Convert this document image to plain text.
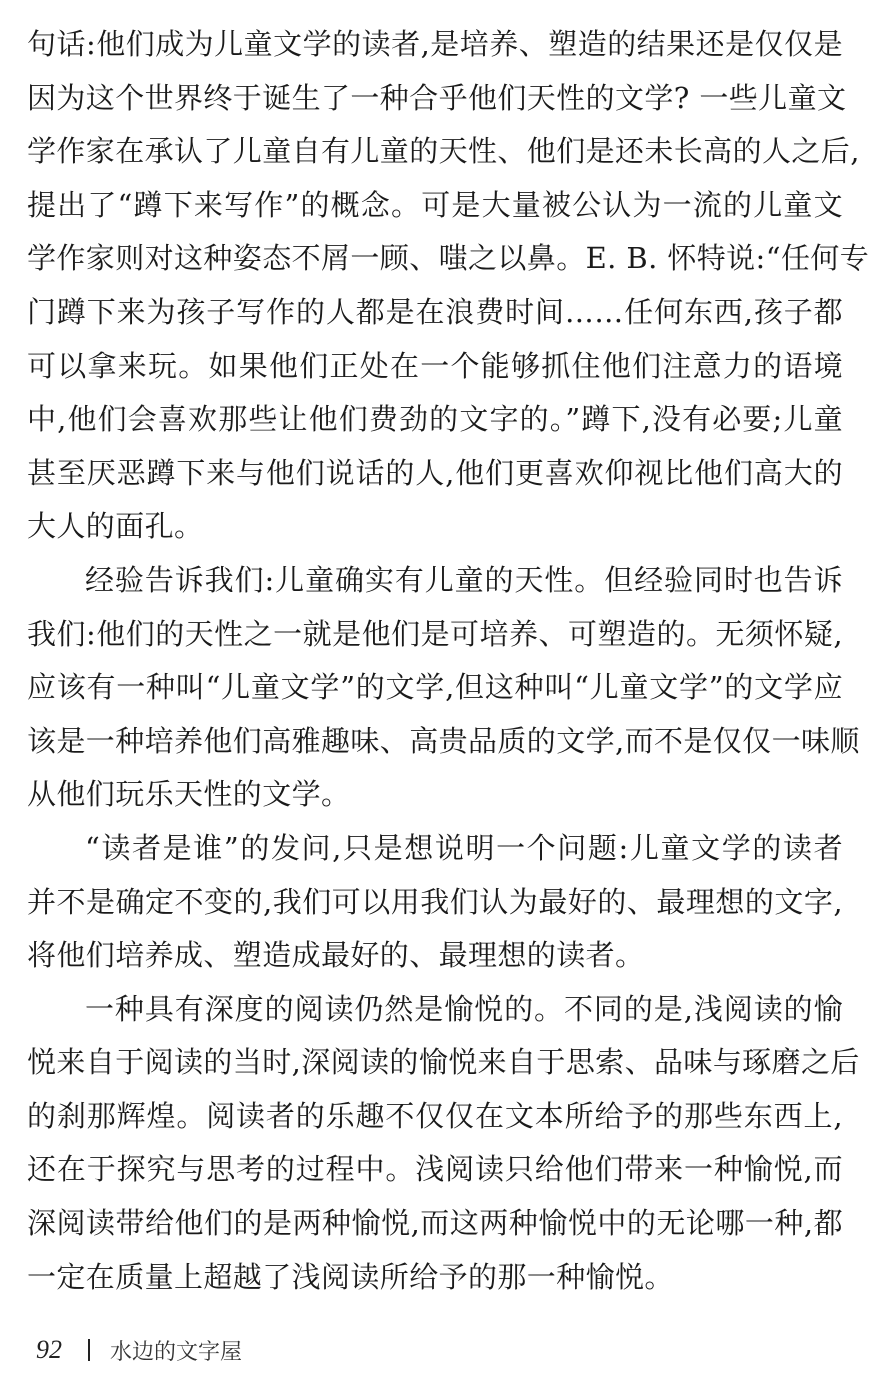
句话:他们成为儿童文学的读者,是培养、塑造的结果还是仅仅是
因为这个世界终于诞生了一种合乎他们天性的文学? 一些儿童文
学作家在承认了儿童自有儿童的天性、他们是还未长高的人之后,
提出了“蹲下来写作”的概念。可是大量被公认为一流的儿童文
学作家则对这种姿态不屑一顾、嗤之以鼻。E. B. 怀特说:“任何专
门蹲下来为孩子写作的人都是在浪费时间……任何东西,孩子都
可以拿来玩。如果他们正处在一个能够抓住他们注意力的语境
中,他们会喜欢那些让他们费劲的文字的。”蹲下,没有必要;儿童
甚至厌恶蹲下来与他们说话的人,他们更喜欢仰视比他们高大的
大人的面孔。
经验告诉我们:儿童确实有儿童的天性。但经验同时也告诉
我们:他们的天性之一就是他们是可培养、可塑造的。无须怀疑,
应该有一种叫“儿童文学”的文学,但这种叫“儿童文学”的文学应
该是一种培养他们高雅趣味、高贵品质的文学,而不是仅仅一味顺
从他们玩乐天性的文学。
“读者是谁”的发问,只是想说明一个问题:儿童文学的读者
并不是确定不变的,我们可以用我们认为最好的、最理想的文字,
将他们培养成、塑造成最好的、最理想的读者。
一种具有深度的阅读仍然是愉悦的。不同的是,浅阅读的愉
悦来自于阅读的当时,深阅读的愉悦来自于思索、品味与琢磨之后
的刹那辉煌。阅读者的乐趣不仅仅在文本所给予的那些东西上,
还在于探究与思考的过程中。浅阅读只给他们带来一种愉悦,而
深阅读带给他们的是两种愉悦,而这两种愉悦中的无论哪一种,都
一定在质量上超越了浅阅读所给予的那一种愉悦。
92 水边的文字屋
